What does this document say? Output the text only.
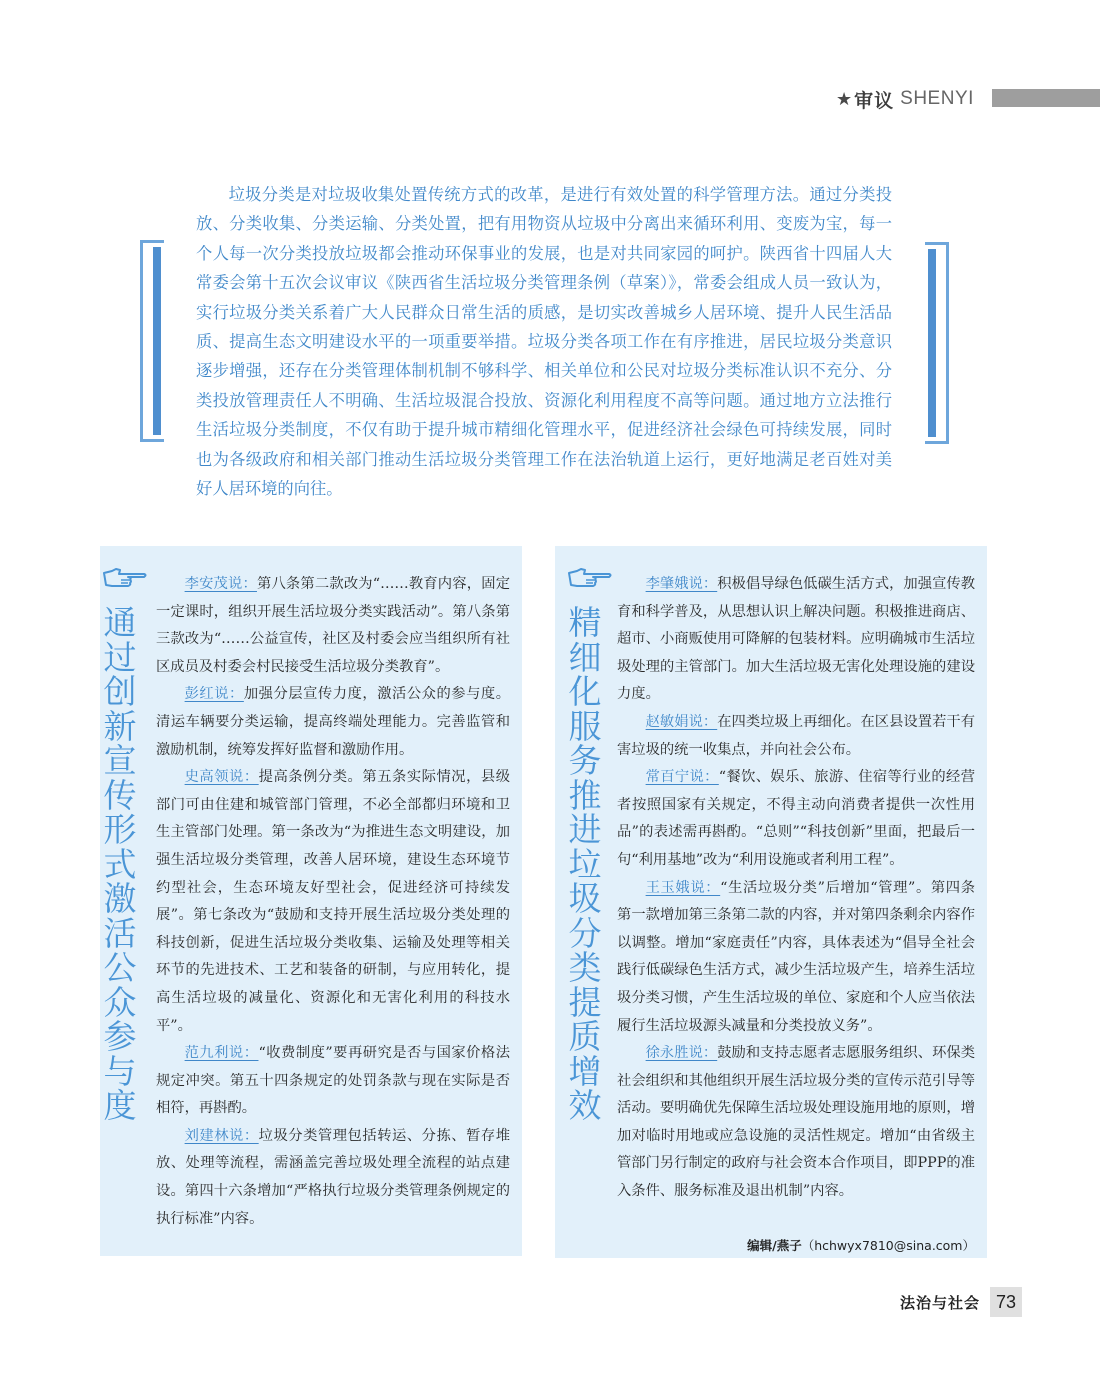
★ 审议 SHENYI

垃圾分类是对垃圾收集处置传统方式的改革，是进行有效处置的科学管理方法。通过分类投放、分类收集、分类运输、分类处置，把有用物资从垃圾中分离出来循环利用、变废为宝，每一个人每一次分类投放垃圾都会推动环保事业的发展，也是对共同家园的呵护。陕西省十四届人大常委会第十五次会议审议《陕西省生活垃圾分类管理条例（草案）》，常委会组成人员一致认为，实行垃圾分类关系着广大人民群众日常生活的质感，是切实改善城乡人居环境、提升人民生活品质、提高生态文明建设水平的一项重要举措。垃圾分类各项工作在有序推进，居民垃圾分类意识逐步增强，还存在分类管理体制机制不够科学、相关单位和公民对垃圾分类标准认识不充分、分类投放管理责任人不明确、生活垃圾混合投放、资源化利用程度不高等问题。通过地方立法推行生活垃圾分类制度，不仅有助于提升城市精细化管理水平，促进经济社会绿色可持续发展，同时也为各级政府和相关部门推动生活垃圾分类管理工作在法治轨道上运行，更好地满足老百姓对美好人居环境的向往。

通
过
创
新
宣
传
形
式
激
活
公
众
参
与
度

李安茂说：第八条第二款改为“……教育内容，固定一定课时，组织开展生活垃圾分类实践活动”。第八条第三款改为“……公益宣传，社区及村委会应当组织所有社区成员及村委会村民接受生活垃圾分类教育”。

彭红说：加强分层宣传力度，激活公众的参与度。清运车辆要分类运输，提高终端处理能力。完善监管和激励机制，统筹发挥好监督和激励作用。

史高领说：提高条例分类。第五条实际情况，县级部门可由住建和城管部门管理，不必全部都归环境和卫生主管部门处理。第一条改为“为推进生态文明建设，加强生活垃圾分类管理，改善人居环境，建设生态环境节约型社会，生态环境友好型社会，促进经济可持续发展”。第七条改为“鼓励和支持开展生活垃圾分类处理的科技创新，促进生活垃圾分类收集、运输及处理等相关环节的先进技术、工艺和装备的研制，与应用转化，提高生活垃圾的减量化、资源化和无害化利用的科技水平”。

范九利说：“收费制度”要再研究是否与国家价格法规定冲突。第五十四条规定的处罚条款与现在实际是否相符，再斟酌。

刘建林说：垃圾分类管理包括转运、分拣、暂存堆放、处理等流程，需涵盖完善垃圾处理全流程的站点建设。第四十六条增加“严格执行垃圾分类管理条例规定的执行标准”内容。

精
细
化
服
务
推
进
垃
圾
分
类
提
质
增
效

李肇娥说：积极倡导绿色低碳生活方式，加强宣传教育和科学普及，从思想认识上解决问题。积极推进商店、超市、小商贩使用可降解的包装材料。应明确城市生活垃圾处理的主管部门。加大生活垃圾无害化处理设施的建设力度。

赵敏娟说：在四类垃圾上再细化。在区县设置若干有害垃圾的统一收集点，并向社会公布。

常百宁说：“餐饮、娱乐、旅游、住宿等行业的经营者按照国家有关规定，不得主动向消费者提供一次性用品”的表述需再斟酌。“总则”“科技创新”里面，把最后一句“利用基地”改为“利用设施或者利用工程”。

王玉娥说：“生活垃圾分类”后增加“管理”。第四条第一款增加第三条第二款的内容，并对第四条剩余内容作以调整。增加“家庭责任”内容，具体表述为“倡导全社会践行低碳绿色生活方式，减少生活垃圾产生，培养生活垃圾分类习惯，产生生活垃圾的单位、家庭和个人应当依法履行生活垃圾源头减量和分类投放义务”。

徐永胜说：鼓励和支持志愿者志愿服务组织、环保类社会组织和其他组织开展生活垃圾分类的宣传示范引导等活动。要明确优先保障生活垃圾处理设施用地的原则，增加对临时用地或应急设施的灵活性规定。增加“由省级主管部门另行制定的政府与社会资本合作项目，即PPP的准入条件、服务标准及退出机制”内容。

编辑/燕子（hchwyx7810@sina.com）
法治与社会 73
